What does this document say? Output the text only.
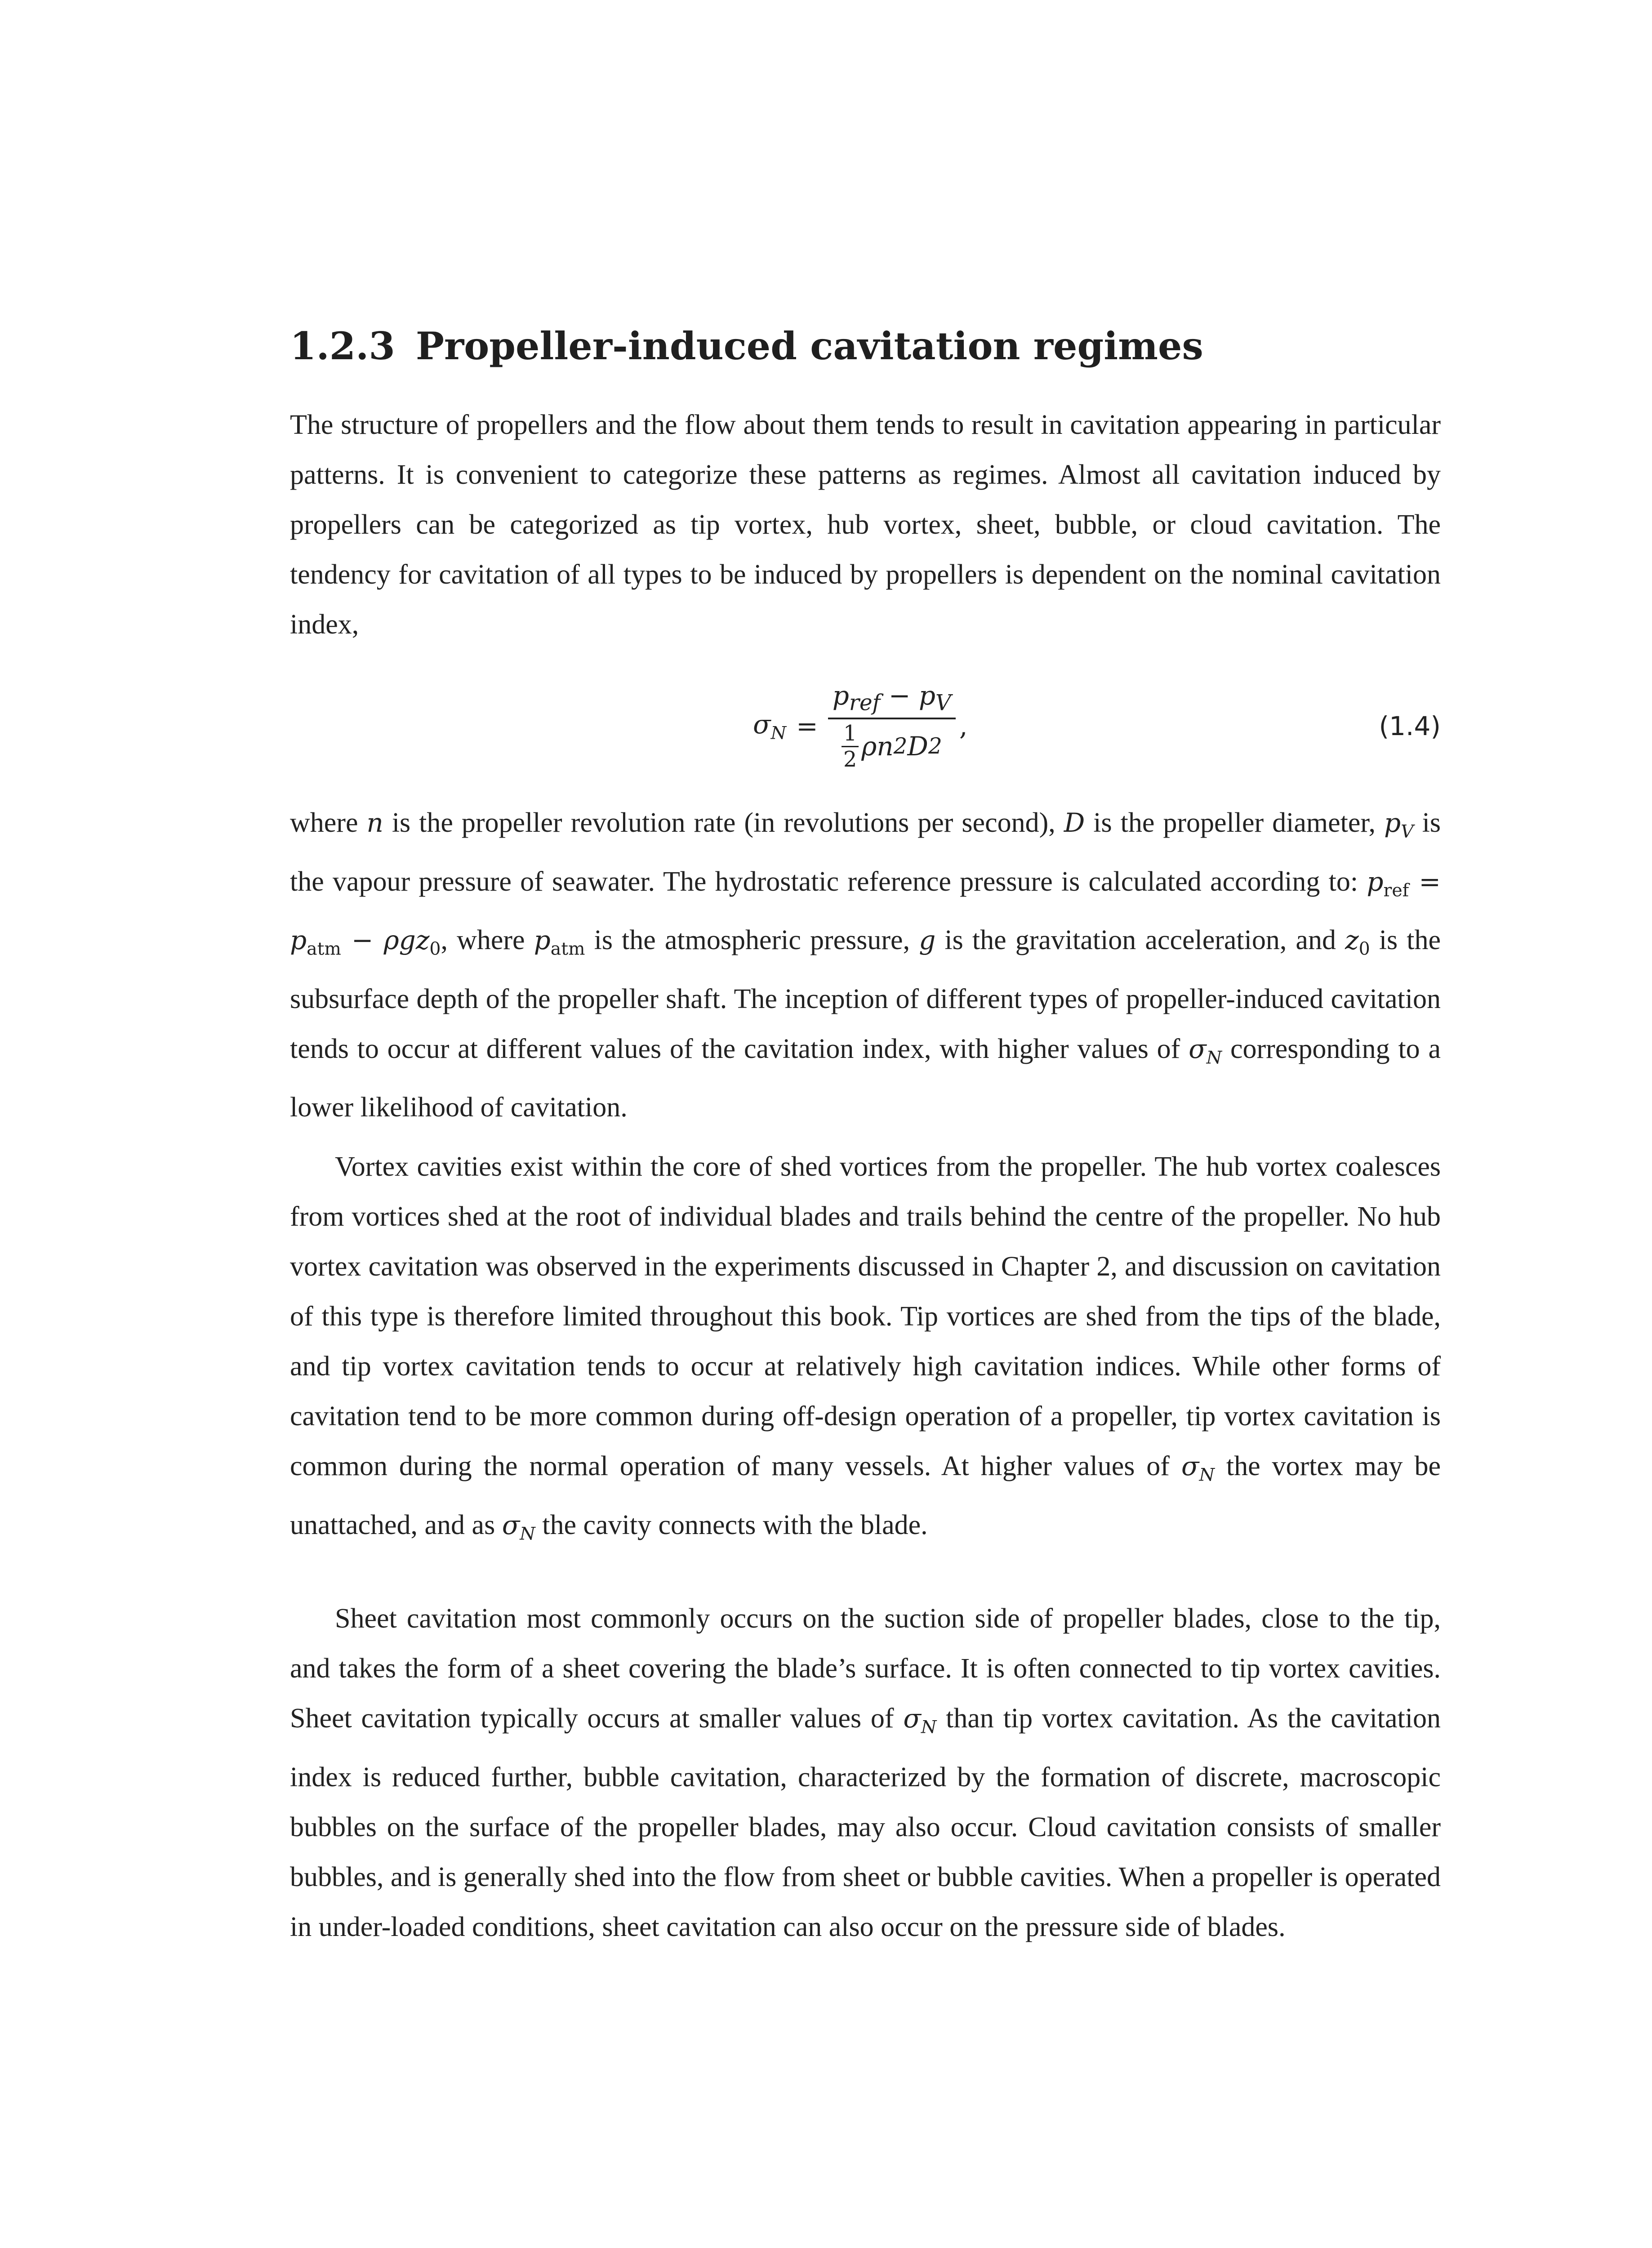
1.2.3 Propeller-induced cavitation regimes

The structure of propellers and the flow about them tends to result in cavitation appearing in particular patterns. It is convenient to categorize these patterns as regimes. Almost all cavitation induced by propellers can be categorized as tip vortex, hub vortex, sheet, bubble, or cloud cavitation. The tendency for cavitation of all types to be induced by propellers is dependent on the nominal cavitation index,

$\sigma_N = p_{ref} - p_V$
1
2 ρn 2 D 2 ,	(1.4)

where n is the propeller revolution rate (in revolutions per second), D is the propeller diameter, $p_V$ is the vapour pressure of seawater. The hydrostatic reference pressure is calculated according to: $p_{ref} = p_{atm} - \rho gz_0$, where $p_{atm}$ is the atmospheric pressure, g is the gravitation acceleration, and $z_0$ is the subsurface depth of the propeller shaft. The inception of different types of propeller-induced cavitation tends to occur at different values of the cavitation index, with higher values of $\sigma_N$ corresponding to a lower likelihood of cavitation.

Vortex cavities exist within the core of shed vortices from the propeller. The hub vortex coalesces from vortices shed at the root of individual blades and trails behind the centre of the propeller. No hub vortex cavitation was observed in the experiments discussed in Chapter 2, and discussion on cavitation of this type is therefore limited throughout this book. Tip vortices are shed from the tips of the blade, and tip vortex cavitation tends to occur at relatively high cavitation indices. While other forms of cavitation tend to be more common during off-design operation of a propeller, tip vortex cavitation is common during the normal operation of many vessels. At higher values of $\sigma_N$ the vortex may be unattached, and as $\sigma_N$ the cavity connects with the blade.

Sheet cavitation most commonly occurs on the suction side of propeller blades, close to the tip, and takes the form of a sheet covering the blade’s surface. It is often connected to tip vortex cavities. Sheet cavitation typically occurs at smaller values of $\sigma_N$ than tip vortex cavitation. As the cavitation index is reduced further, bubble cavitation, characterized by the formation of discrete, macroscopic bubbles on the surface of the propeller blades, may also occur. Cloud cavitation consists of smaller bubbles, and is generally shed into the flow from sheet or bubble cavities. When a propeller is operated in under-loaded conditions, sheet cavitation can also occur on the pressure side of blades.
